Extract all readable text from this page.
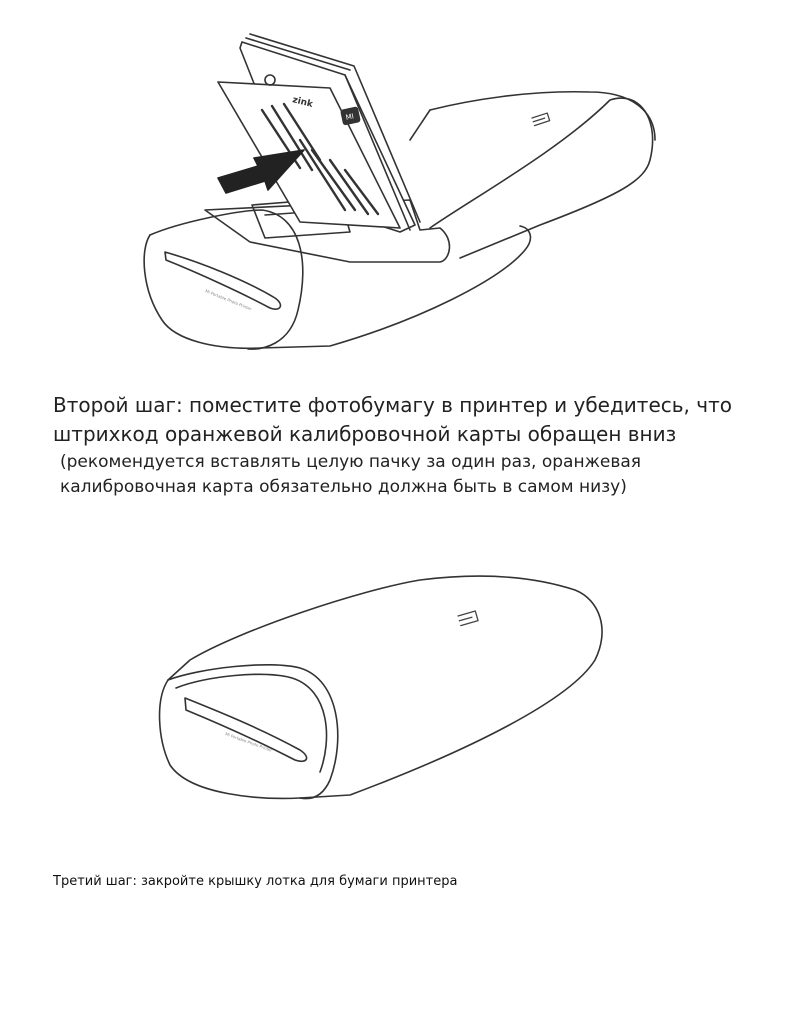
Mi Portable Photo Printer
zink
MI
Второй шаг: поместите фотобумагу в принтер и убедитесь, что штрихкод оранжевой калибровочной карты обращен вниз

(рекомендуется вставлять целую пачку за один раз, оранжевая калибровочная карта обязательно должна быть в самом низу)

Mi Portable Photo Printer

Третий шаг: закройте крышку лотка для бумаги принтера
